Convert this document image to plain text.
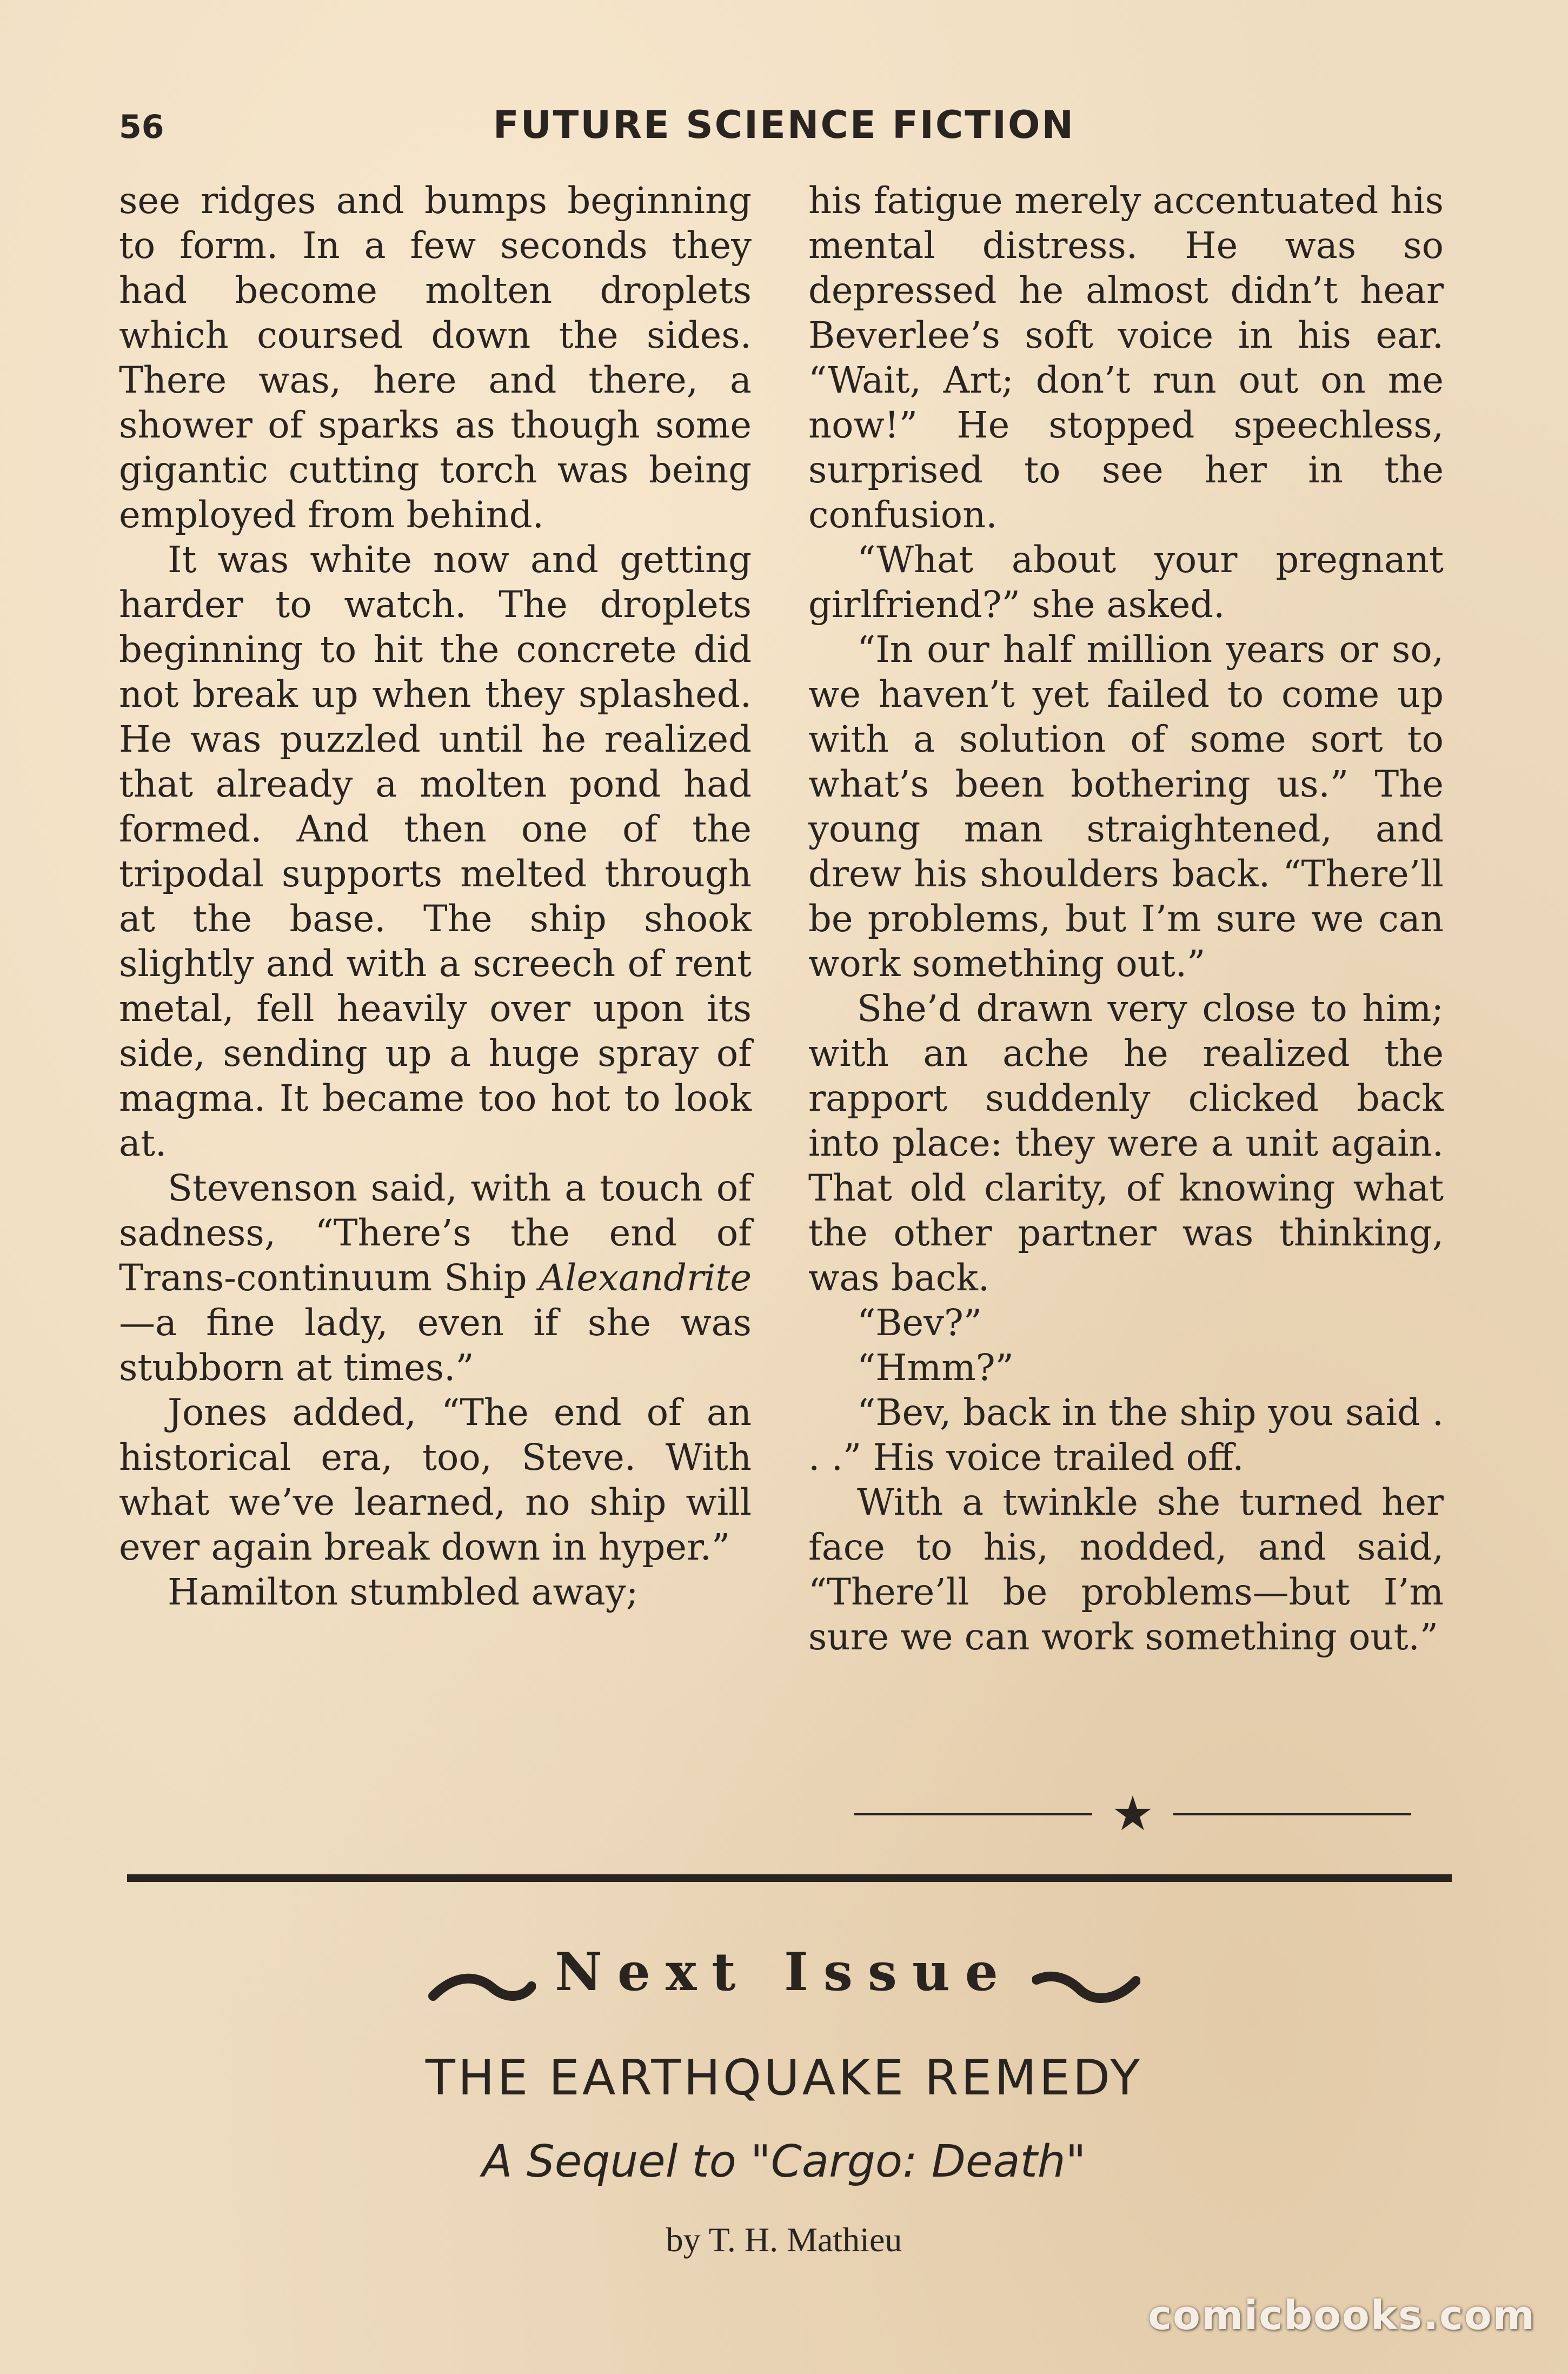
56	FUTURE SCIENCE FICTION

see ridges and bumps beginning to form. In a few seconds they had become molten droplets which coursed down the sides. There was, here and there, a shower of sparks as though some gigantic cutting torch was being employed from behind.

It was white now and getting harder to watch. The droplets beginning to hit the concrete did not break up when they splashed. He was puzzled until he realized that already a molten pond had formed. And then one of the tripodal supports melted through at the base. The ship shook slightly and with a screech of rent metal, fell heavily over upon its side, sending up a huge spray of magma. It became too hot to look at.

Stevenson said, with a touch of sadness, “There’s the end of Trans-continuum Ship Alexandrite—a fine lady, even if she was stubborn at times.”

Jones added, “The end of an historical era, too, Steve. With what we’ve learned, no ship will ever again break down in hyper.”

Hamilton stumbled away;

his fatigue merely accentuated his mental distress. He was so depressed he almost didn’t hear Beverlee’s soft voice in his ear. “Wait, Art; don’t run out on me now!” He stopped speechless, surprised to see her in the confusion.

“What about your pregnant girlfriend?” she asked.

“In our half million years or so, we haven’t yet failed to come up with a solution of some sort to what’s been bothering us.” The young man straightened, and drew his shoulders back. “There’ll be problems, but I’m sure we can work something out.”

She’d drawn very close to him; with an ache he realized the rapport suddenly clicked back into place: they were a unit again. That old clarity, of knowing what the other partner was thinking, was back.

“Bev?”

“Hmm?”

“Bev, back in the ship you said . . .” His voice trailed off.

With a twinkle she turned her face to his, nodded, and said, “There’ll be problems—but I’m sure we can work something out.”

★
Next Issue
THE EARTHQUAKE REMEDY
A Sequel to "Cargo: Death"
by T. H. Mathieu
comicbooks.com
